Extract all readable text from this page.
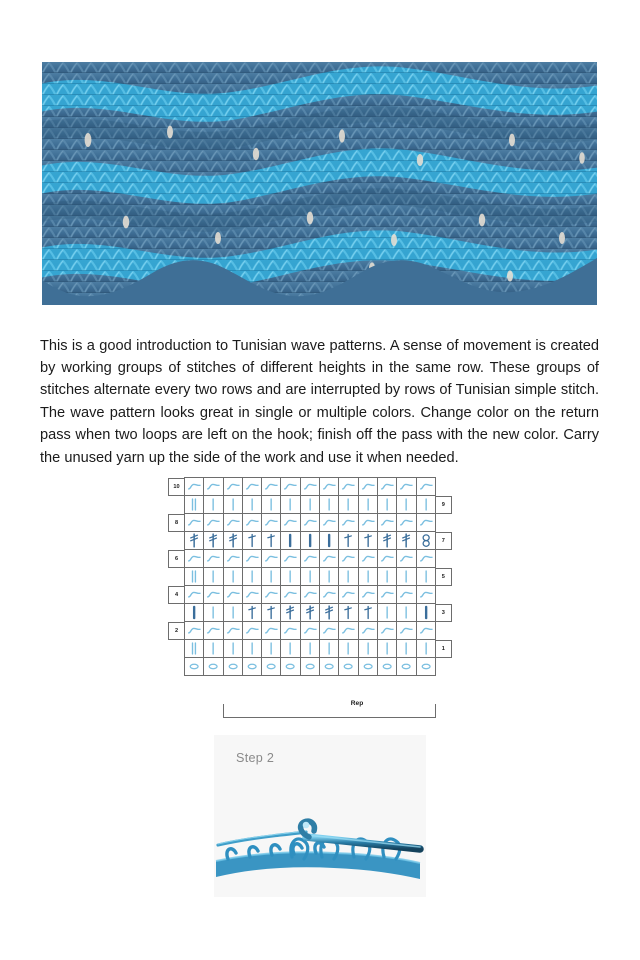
This is a good introduction to Tunisian wave patterns. A sense of movement is created by working groups of stitches of different heights in the same row. These groups of stitches alternate every two rows and are interrupted by rows of Tunisian simple stitch. The wave pattern looks great in single or multiple colors. Change color on the return pass when two loops are left on the hook; finish off the pass with the new color. Carry the unused yarn up the side of the work and use it when needed.

10
9
8
7
6
5
4
3
2
1
Rep
Step 2
